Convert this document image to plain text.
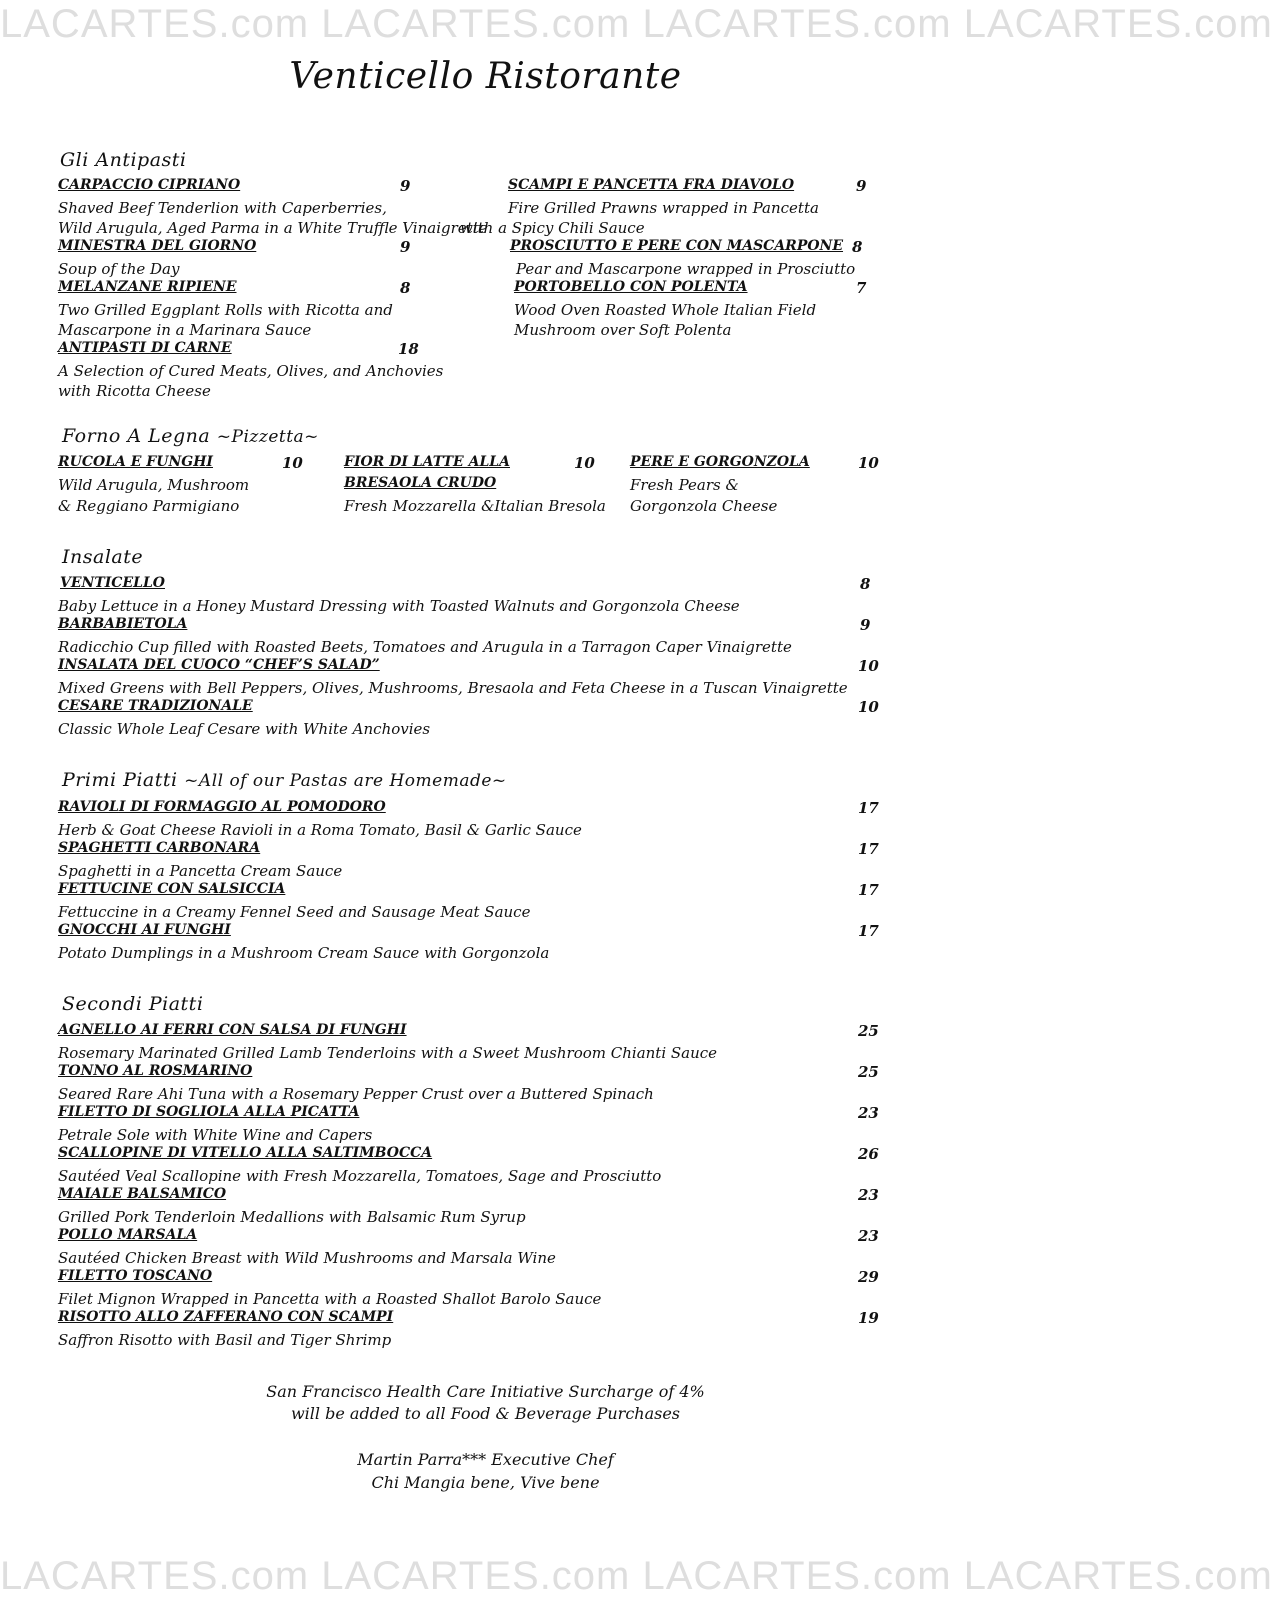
LACARTES.com LACARTES.com LACARTES.com LACARTES.com
LACARTES.com LACARTES.com LACARTES.com LACARTES.com
Venticello Ristorante
Gli Antipasti
CARPACCIO CIPRIANO	9
Shaved Beef Tenderlion with Caperberries,
Wild Arugula, Aged Parma in a White Truffle Vinaigrette
MINESTRA DEL GIORNO	9
Soup of the Day
MELANZANE RIPIENE	8
Two Grilled Eggplant Rolls with Ricotta and
Mascarpone in a Marinara Sauce
ANTIPASTI DI CARNE	18
A Selection of Cured Meats, Olives, and Anchovies
with Ricotta Cheese
SCAMPI E PANCETTA FRA DIAVOLO	9
Fire Grilled Prawns wrapped in Pancetta
with a Spicy Chili Sauce
PROSCIUTTO E PERE CON MASCARPONE 8
Pear and Mascarpone wrapped in Prosciutto
PORTOBELLO CON POLENTA	7
Wood Oven Roasted Whole Italian Field
Mushroom over Soft Polenta
Forno A Legna ~Pizzetta~
RUCOLA E FUNGHI	10
Wild Arugula, Mushroom
& Reggiano Parmigiano
FIOR DI LATTE ALLA	10
BRESAOLA CRUDO
Fresh Mozzarella &Italian Bresola
PERE E GORGONZOLA	10
Fresh Pears &
Gorgonzola Cheese
Insalate
VENTICELLO	8
Baby Lettuce in a Honey Mustard Dressing with Toasted Walnuts and Gorgonzola Cheese
BARBABIETOLA	9
Radicchio Cup filled with Roasted Beets, Tomatoes and Arugula in a Tarragon Caper Vinaigrette
INSALATA DEL CUOCO “CHEF’S SALAD”	10
Mixed Greens with Bell Peppers, Olives, Mushrooms, Bresaola and Feta Cheese in a Tuscan Vinaigrette
CESARE TRADIZIONALE	10
Classic Whole Leaf Cesare with White Anchovies
Primi Piatti ~All of our Pastas are Homemade~
RAVIOLI DI FORMAGGIO AL POMODORO	17
Herb & Goat Cheese Ravioli in a Roma Tomato, Basil & Garlic Sauce
SPAGHETTI CARBONARA	17
Spaghetti in a Pancetta Cream Sauce
FETTUCINE CON SALSICCIA	17
Fettuccine in a Creamy Fennel Seed and Sausage Meat Sauce
GNOCCHI AI FUNGHI	17
Potato Dumplings in a Mushroom Cream Sauce with Gorgonzola
Secondi Piatti
AGNELLO AI FERRI CON SALSA DI FUNGHI	25
Rosemary Marinated Grilled Lamb Tenderloins with a Sweet Mushroom Chianti Sauce
TONNO AL ROSMARINO	25
Seared Rare Ahi Tuna with a Rosemary Pepper Crust over a Buttered Spinach
FILETTO DI SOGLIOLA ALLA PICATTA	23
Petrale Sole with White Wine and Capers
SCALLOPINE DI VITELLO ALLA SALTIMBOCCA	26
Sautéed Veal Scallopine with Fresh Mozzarella, Tomatoes, Sage and Prosciutto
MAIALE BALSAMICO	23
Grilled Pork Tenderloin Medallions with Balsamic Rum Syrup
POLLO MARSALA	23
Sautéed Chicken Breast with Wild Mushrooms and Marsala Wine
FILETTO TOSCANO	29
Filet Mignon Wrapped in Pancetta with a Roasted Shallot Barolo Sauce
RISOTTO ALLO ZAFFERANO CON SCAMPI	19
Saffron Risotto with Basil and Tiger Shrimp
San Francisco Health Care Initiative Surcharge of 4%
will be added to all Food & Beverage Purchases
Martin Parra*** Executive Chef
Chi Mangia bene, Vive bene
